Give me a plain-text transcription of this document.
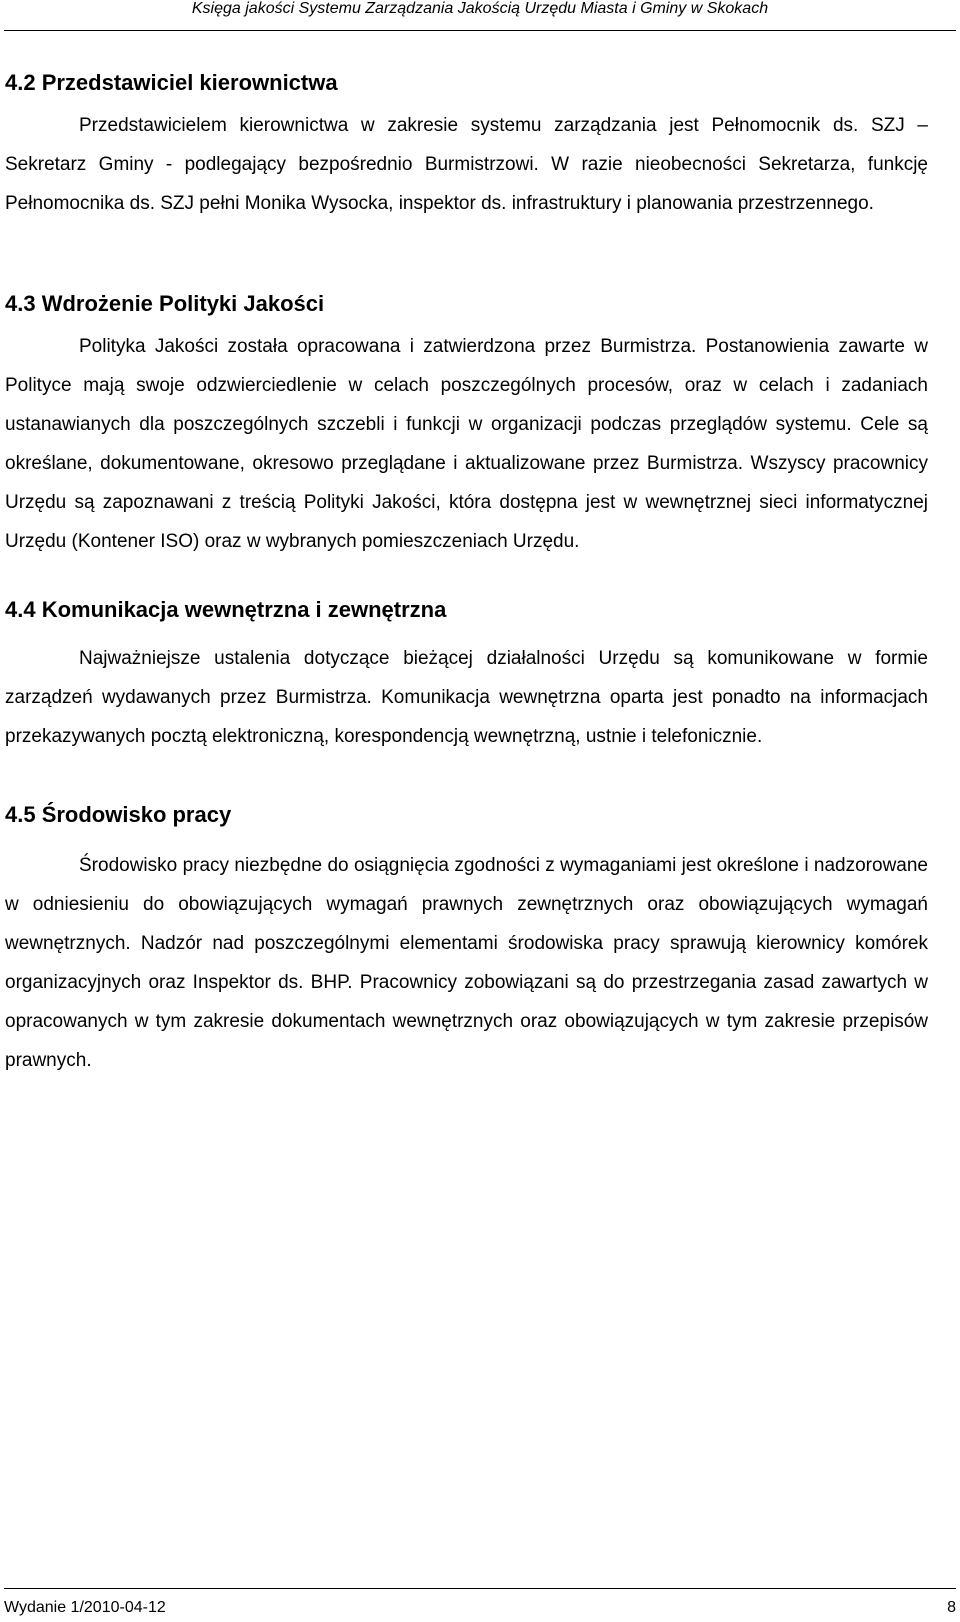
Księga jakości Systemu Zarządzania Jakością Urzędu Miasta i Gminy w Skokach
4.2 Przedstawiciel kierownictwa

Przedstawicielem kierownictwa w zakresie systemu zarządzania jest Pełnomocnik ds. SZJ – Sekretarz Gminy - podlegający bezpośrednio Burmistrzowi. W razie nieobecności Sekretarza, funkcję Pełnomocnika ds. SZJ pełni Monika Wysocka, inspektor ds. infrastruktury i planowania przestrzennego.

4.3 Wdrożenie Polityki Jakości

Polityka Jakości została opracowana i zatwierdzona przez Burmistrza. Postanowienia zawarte w Polityce mają swoje odzwierciedlenie w celach poszczególnych procesów, oraz w celach i zadaniach ustanawianych dla poszczególnych szczebli i funkcji w organizacji podczas przeglądów systemu. Cele są określane, dokumentowane, okresowo przeglądane i aktualizowane przez Burmistrza. Wszyscy pracownicy Urzędu są zapoznawani z treścią Polityki Jakości, która dostępna jest w wewnętrznej sieci informatycznej Urzędu (Kontener ISO) oraz w wybranych pomieszczeniach Urzędu.

4.4 Komunikacja wewnętrzna i zewnętrzna

Najważniejsze ustalenia dotyczące bieżącej działalności Urzędu są komunikowane w formie zarządzeń wydawanych przez Burmistrza. Komunikacja wewnętrzna oparta jest ponadto na informacjach przekazywanych pocztą elektroniczną, korespondencją wewnętrzną, ustnie i telefonicznie.

4.5 Środowisko pracy

Środowisko pracy niezbędne do osiągnięcia zgodności z wymaganiami jest określone i nadzorowane w odniesieniu do obowiązujących wymagań prawnych zewnętrznych oraz obowiązujących wymagań wewnętrznych. Nadzór nad poszczególnymi elementami środowiska pracy sprawują kierownicy komórek organizacyjnych oraz Inspektor ds. BHP. Pracownicy zobowiązani są do przestrzegania zasad zawartych w opracowanych w tym zakresie dokumentach wewnętrznych oraz obowiązujących w tym zakresie przepisów prawnych.

Wydanie 1/2010-04-12	8
